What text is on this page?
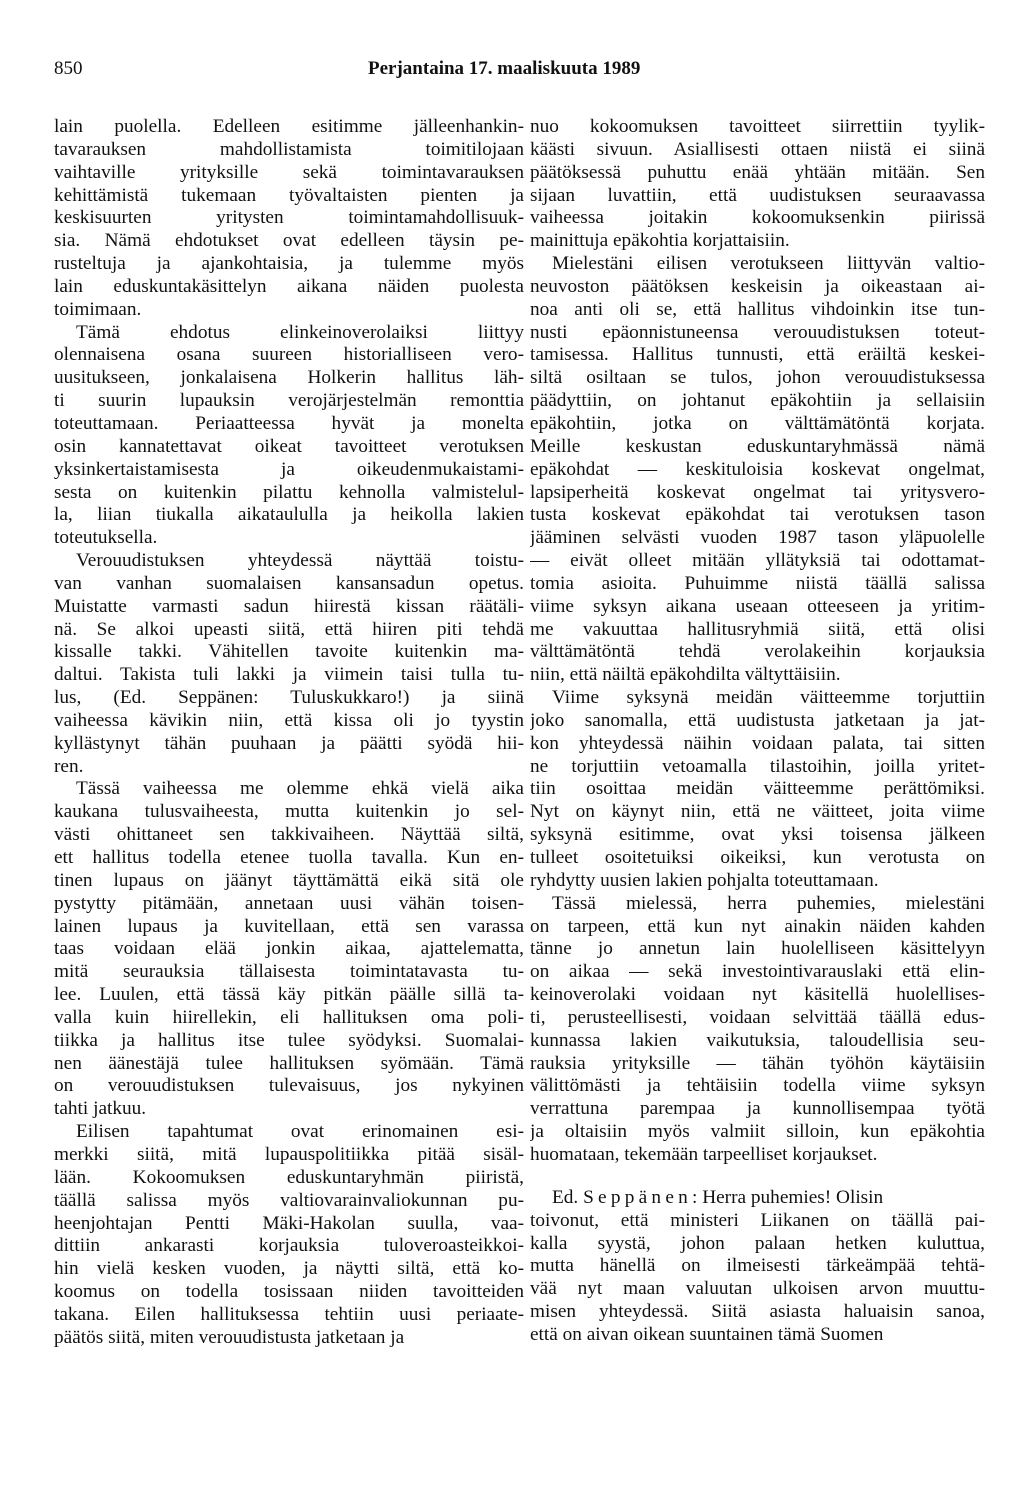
850	Perjantaina 17. maaliskuuta 1989
lain puolella. Edelleen esitimme jälleenhankin-
tavarauksen mahdollistamista toimitilojaan
vaihtaville yrityksille sekä toimintavarauksen
kehittämistä tukemaan työvaltaisten pienten ja
keskisuurten yritysten toimintamahdollisuuk-
sia. Nämä ehdotukset ovat edelleen täysin pe-
rusteltuja ja ajankohtaisia, ja tulemme myös
lain eduskuntakäsittelyn aikana näiden puolesta
toimimaan.
Tämä ehdotus elinkeinoverolaiksi liittyy
olennaisena osana suureen historialliseen vero-
uusitukseen, jonkalaisena Holkerin hallitus läh-
ti suurin lupauksin verojärjestelmän remonttia
toteuttamaan. Periaatteessa hyvät ja monelta
osin kannatettavat oikeat tavoitteet verotuksen
yksinkertaistamisesta ja oikeudenmukaistami-
sesta on kuitenkin pilattu kehnolla valmistelul-
la, liian tiukalla aikataululla ja heikolla lakien
toteutuksella.
Verouudistuksen yhteydessä näyttää toistu-
van vanhan suomalaisen kansansadun opetus.
Muistatte varmasti sadun hiirestä kissan räätäli-
nä. Se alkoi upeasti siitä, että hiiren piti tehdä
kissalle takki. Vähitellen tavoite kuitenkin ma-
daltui. Takista tuli lakki ja viimein taisi tulla tu-
lus, (Ed. Seppänen: Tuluskukkaro!) ja siinä
vaiheessa kävikin niin, että kissa oli jo tyystin
kyllästynyt tähän puuhaan ja päätti syödä hii-
ren.
Tässä vaiheessa me olemme ehkä vielä aika
kaukana tulusvaiheesta, mutta kuitenkin jo sel-
västi ohittaneet sen takkivaiheen. Näyttää siltä,
ett hallitus todella etenee tuolla tavalla. Kun en-
tinen lupaus on jäänyt täyttämättä eikä sitä ole
pystytty pitämään, annetaan uusi vähän toisen-
lainen lupaus ja kuvitellaan, että sen varassa
taas voidaan elää jonkin aikaa, ajattelematta,
mitä seurauksia tällaisesta toimintatavasta tu-
lee. Luulen, että tässä käy pitkän päälle sillä ta-
valla kuin hiirellekin, eli hallituksen oma poli-
tiikka ja hallitus itse tulee syödyksi. Suomalai-
nen äänestäjä tulee hallituksen syömään. Tämä
on verouudistuksen tulevaisuus, jos nykyinen
tahti jatkuu.
Eilisen tapahtumat ovat erinomainen esi-
merkki siitä, mitä lupauspolitiikka pitää sisäl-
lään. Kokoomuksen eduskuntaryhmän piiristä,
täällä salissa myös valtiovarainvaliokunnan pu-
heenjohtajan Pentti Mäki-Hakolan suulla, vaa-
dittiin ankarasti korjauksia tuloveroasteikkoi-
hin vielä kesken vuoden, ja näytti siltä, että ko-
koomus on todella tosissaan niiden tavoitteiden
takana. Eilen hallituksessa tehtiin uusi periaate-
päätös siitä, miten verouudistusta jatketaan ja
nuo kokoomuksen tavoitteet siirrettiin tyylik-
käästi sivuun. Asiallisesti ottaen niistä ei siinä
päätöksessä puhuttu enää yhtään mitään. Sen
sijaan luvattiin, että uudistuksen seuraavassa
vaiheessa joitakin kokoomuksenkin piirissä
mainittuja epäkohtia korjattaisiin.
Mielestäni eilisen verotukseen liittyvän valtio-
neuvoston päätöksen keskeisin ja oikeastaan ai-
noa anti oli se, että hallitus vihdoinkin itse tun-
nusti epäonnistuneensa verouudistuksen toteut-
tamisessa. Hallitus tunnusti, että eräiltä keskei-
siltä osiltaan se tulos, johon verouudistuksessa
päädyttiin, on johtanut epäkohtiin ja sellaisiin
epäkohtiin, jotka on välttämätöntä korjata.
Meille keskustan eduskuntaryhmässä nämä
epäkohdat — keskituloisia koskevat ongelmat,
lapsiperheitä koskevat ongelmat tai yritysvero-
tusta koskevat epäkohdat tai verotuksen tason
jääminen selvästi vuoden 1987 tason yläpuolelle
— eivät olleet mitään yllätyksiä tai odottamat-
tomia asioita. Puhuimme niistä täällä salissa
viime syksyn aikana useaan otteeseen ja yritim-
me vakuuttaa hallitusryhmiä siitä, että olisi
välttämätöntä tehdä verolakeihin korjauksia
niin, että näiltä epäkohdilta vältyttäisiin.
Viime syksynä meidän väitteemme torjuttiin
joko sanomalla, että uudistusta jatketaan ja jat-
kon yhteydessä näihin voidaan palata, tai sitten
ne torjuttiin vetoamalla tilastoihin, joilla yritet-
tiin osoittaa meidän väitteemme perättömiksi.
Nyt on käynyt niin, että ne väitteet, joita viime
syksynä esitimme, ovat yksi toisensa jälkeen
tulleet osoitetuiksi oikeiksi, kun verotusta on
ryhdytty uusien lakien pohjalta toteuttamaan.
Tässä mielessä, herra puhemies, mielestäni
on tarpeen, että kun nyt ainakin näiden kahden
tänne jo annetun lain huolelliseen käsittelyyn
on aikaa — sekä investointivarauslaki että elin-
keinoverolaki voidaan nyt käsitellä huolellises-
ti, perusteellisesti, voidaan selvittää täällä edus-
kunnassa lakien vaikutuksia, taloudellisia seu-
rauksia yrityksille — tähän työhön käytäisiin
välittömästi ja tehtäisiin todella viime syksyn
verrattuna parempaa ja kunnollisempaa työtä
ja oltaisiin myös valmiit silloin, kun epäkohtia
huomataan, tekemään tarpeelliset korjaukset.
Ed. Seppänen: Herra puhemies! Olisin
toivonut, että ministeri Liikanen on täällä pai-
kalla syystä, johon palaan hetken kuluttua,
mutta hänellä on ilmeisesti tärkeämpää tehtä-
vää nyt maan valuutan ulkoisen arvon muuttu-
misen yhteydessä. Siitä asiasta haluaisin sanoa,
että on aivan oikean suuntainen tämä Suomen
